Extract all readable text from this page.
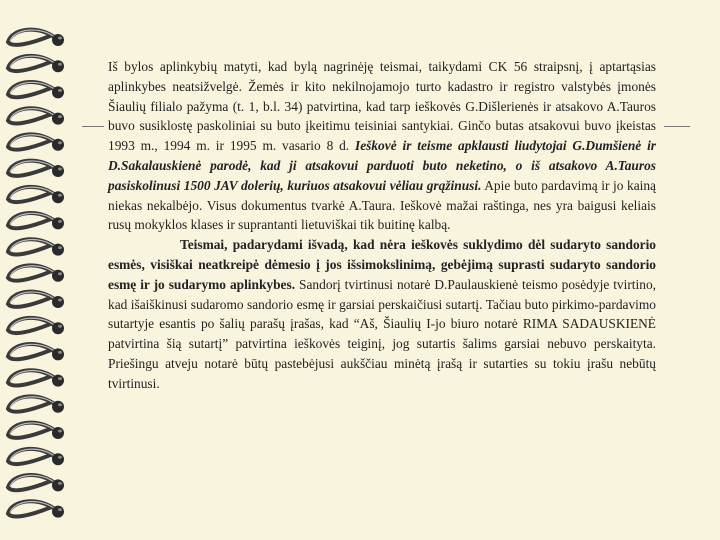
Iš bylos aplinkybių matyti, kad bylą nagrinėję teismai, taikydami CK 56 straipsnį, į aptartąsias aplinkybes neatsižvelgė. Žemės ir kito nekilnojamojo turto kadastro ir registro valstybės įmonės Šiaulių filialo pažyma (t. 1, b.l. 34) patvirtina, kad tarp ieškovės G.Dišlerienės ir atsakovo A.Tauros buvo susiklostę paskoliniai su buto įkeitimu teisiniai santykiai. Ginčo butas atsakovui buvo įkeistas 1993 m., 1994 m. ir 1995 m. vasario 8 d. Ieškovė ir teisme apklausti liudytojai G.Dumšienė ir D.Sakalauskienė parodė, kad ji atsakovui parduoti buto neketino, o iš atsakovo A.Tauros pasiskolinusi 1500 JAV dolerių, kuriuos atsakovui vėliau grąžinusi. Apie buto pardavimą ir jo kainą niekas nekalbėjo. Visus dokumentus tvarkė A.Taura. Ieškovė mažai raštinga, nes yra baigusi keliais rusų mokyklos klases ir suprantanti lietuviškai tik buitinę kalbą.

Teismai, padarydami išvadą, kad nėra ieškovės suklydimo dėl sudaryto sandorio esmės, visiškai neatkreipė dėmesio į jos išsimokslinimą, gebėjimą suprasti sudaryto sandorio esmę ir jo sudarymo aplinkybes. Sandorį tvirtinusi notarė D.Paulauskienė teismo posėdyje tvirtino, kad išaiškinusi sudaromo sandorio esmę ir garsiai perskaičiusi sutartį. Tačiau buto pirkimo-pardavimo sutartyje esantis po šalių parašų įrašas, kad “Aš, Šiaulių I-jo biuro notarė RIMA SADAUSKIENĖ patvirtina šią sutartį” patvirtina ieškovės teiginį, jog sutartis šalims garsiai nebuvo perskaityta. Priešingu atveju notarė būtų pastebėjusi aukščiau minėtą įrašą ir sutarties su tokiu įrašu nebūtų tvirtinusi.
